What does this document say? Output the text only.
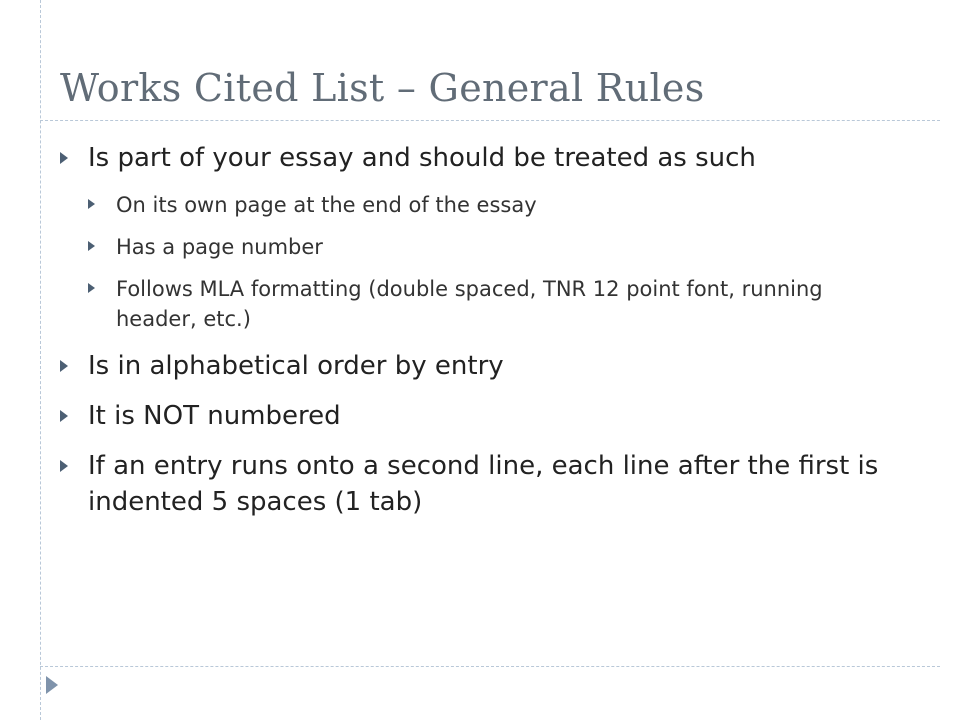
Works Cited List – General Rules
Is part of your essay and should be treated as such
On its own page at the end of the essay
Has a page number
Follows MLA formatting (double spaced, TNR 12 point font, running header, etc.)
Is in alphabetical order by entry
It is NOT numbered
If an entry runs onto a second line, each line after the first is indented 5 spaces (1 tab)
